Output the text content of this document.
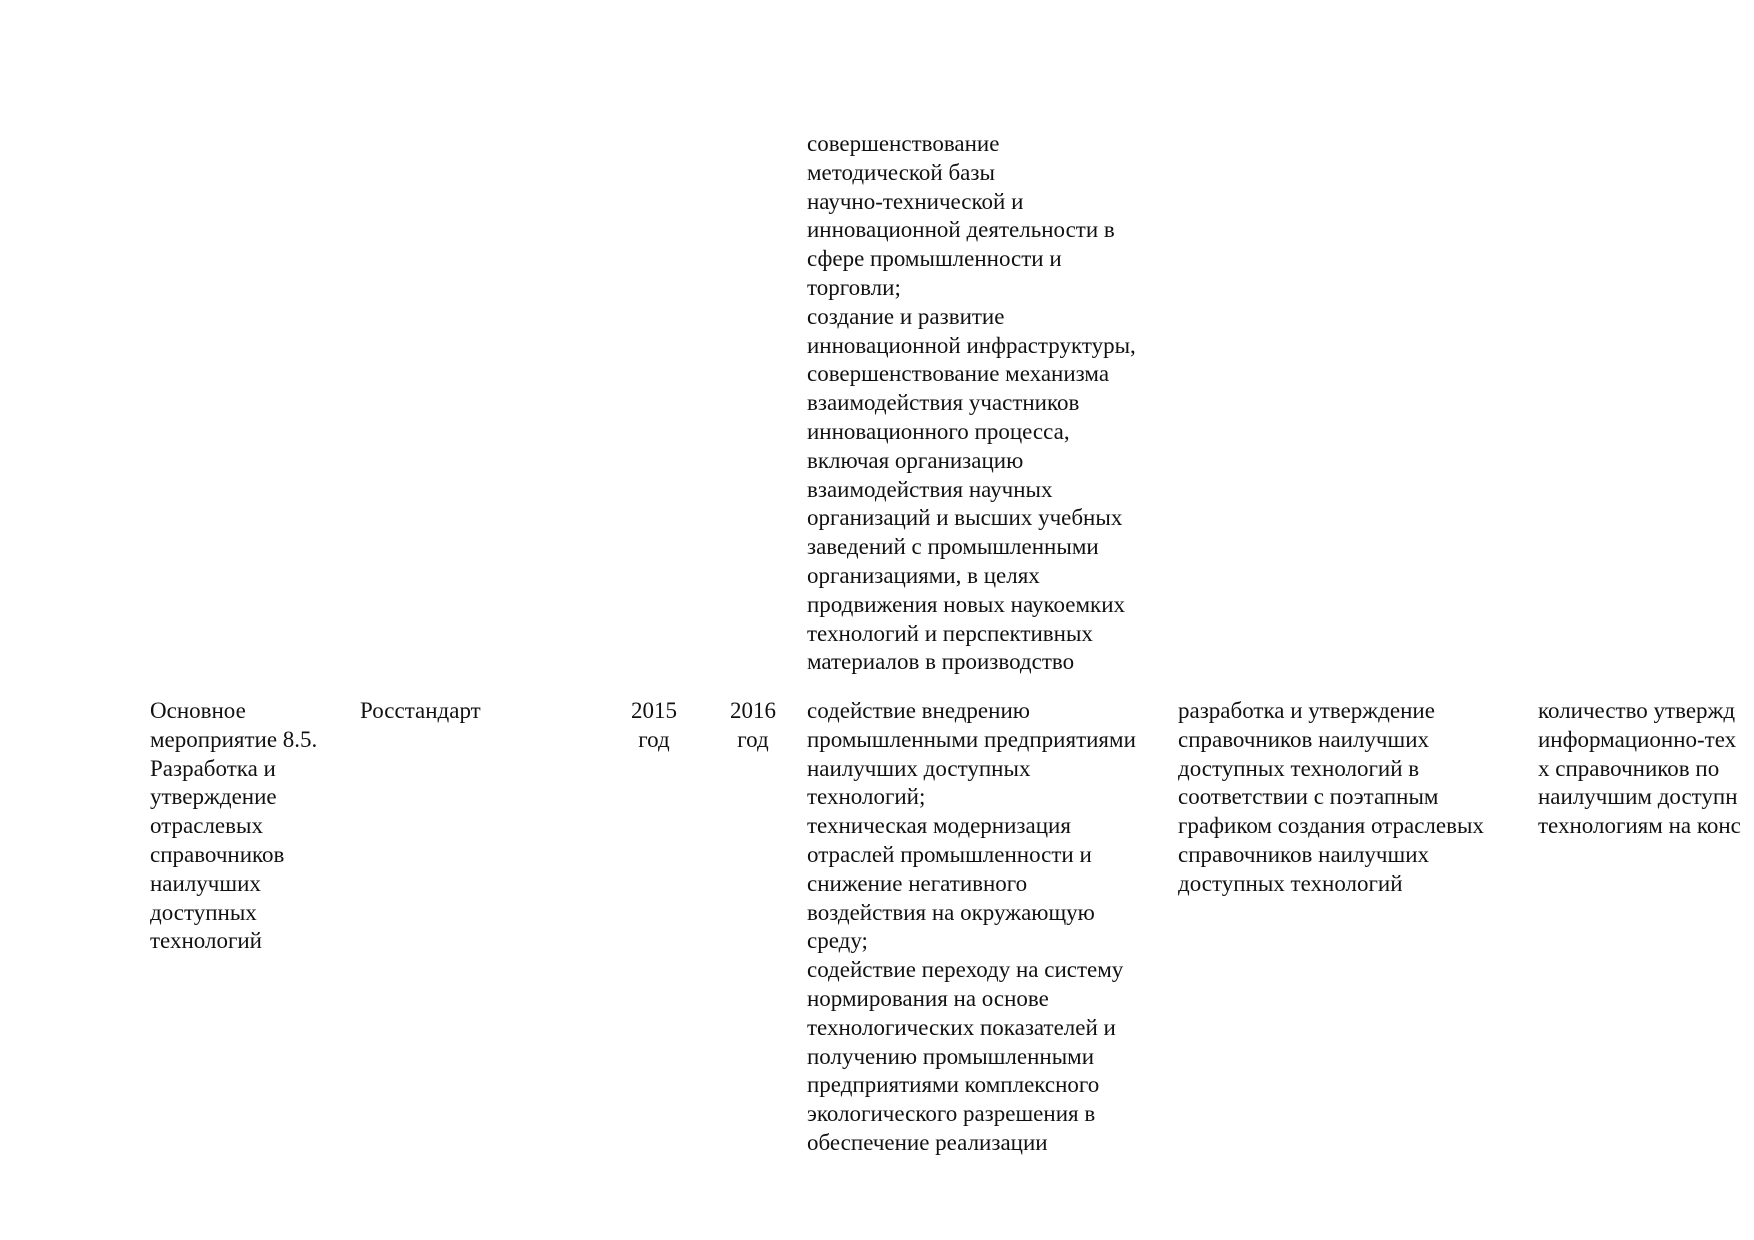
совершенствование
методической базы
научно-технической и
инновационной деятельности в
сфере промышленности и
торговли;
создание и развитие
инновационной инфраструктуры,
совершенствование механизма
взаимодействия участников
инновационного процесса,
включая организацию
взаимодействия научных
организаций и высших учебных
заведений с промышленными
организациями, в целях
продвижения новых наукоемких
технологий и перспективных
материалов в производство
Основное
мероприятие 8.5.
Разработка и
утверждение
отраслевых
справочников
наилучших
доступных
технологий
Росстандарт	2015
год
2016
год
содействие внедрению
промышленными предприятиями
наилучших доступных
технологий;
техническая модернизация
отраслей промышленности и
снижение негативного
воздействия на окружающую
среду;
содействие переходу на систему
нормирования на основе
технологических показателей и
получению промышленными
предприятиями комплексного
экологического разрешения в
обеспечение реализации
разработка и утверждение
справочников наилучших
доступных технологий в
соответствии с поэтапным
графиком создания отраслевых
справочников наилучших
доступных технологий
количество утвержд
информационно-тех
х справочников по
наилучшим доступн
технологиям на конс
